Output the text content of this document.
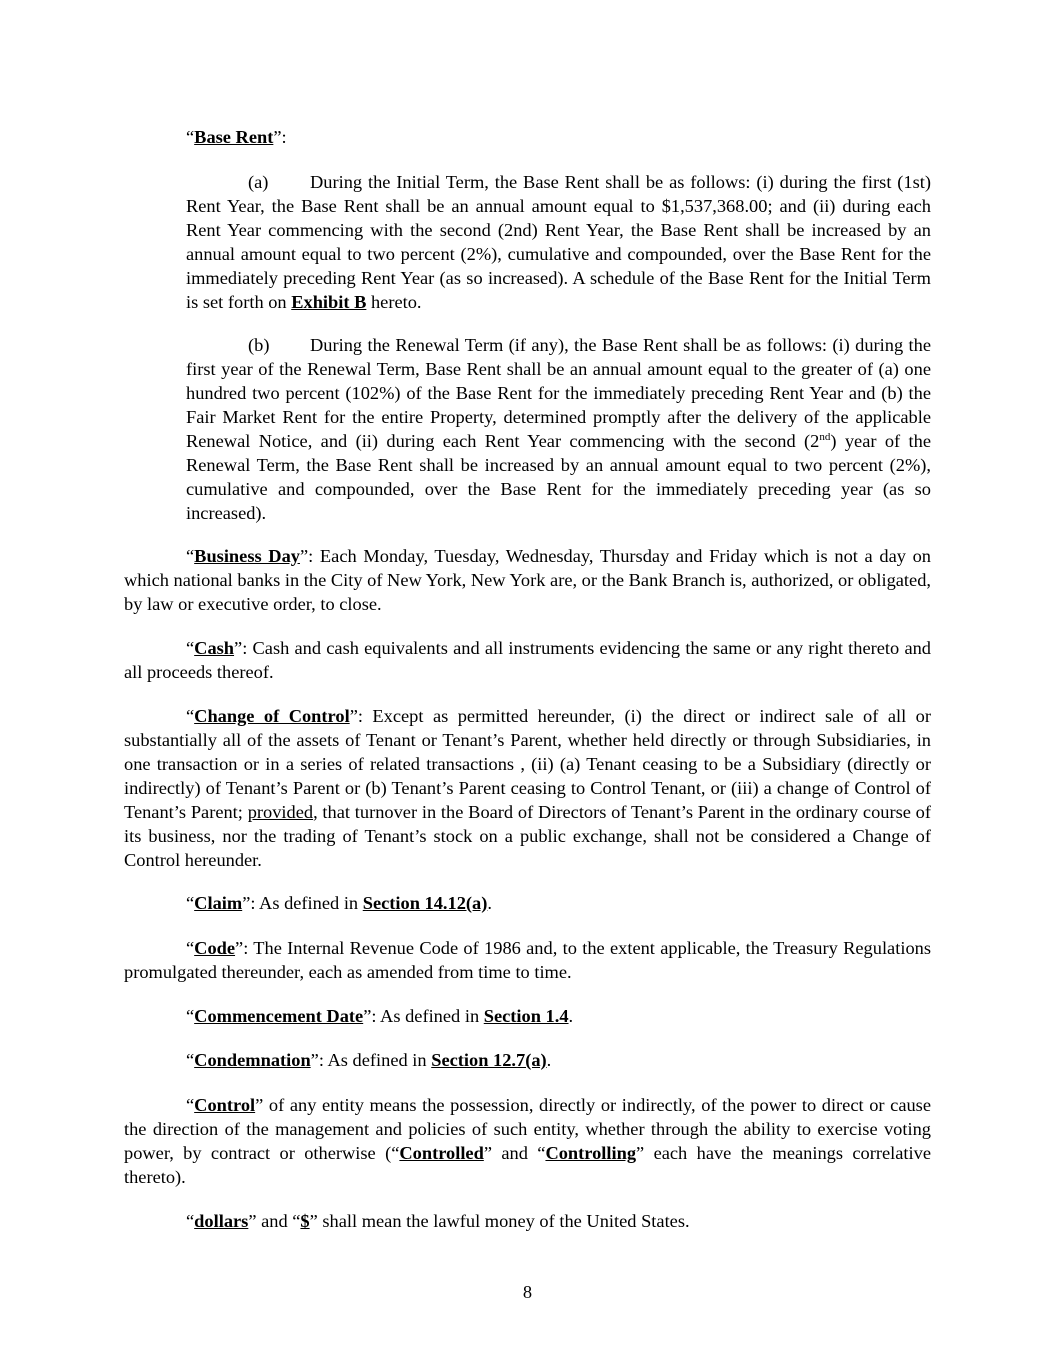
“Base Rent”:

(a) During the Initial Term, the Base Rent shall be as follows: (i) during the first (1st) Rent Year, the Base Rent shall be an annual amount equal to $1,537,368.00; and (ii) during each Rent Year commencing with the second (2nd) Rent Year, the Base Rent shall be increased by an annual amount equal to two percent (2%), cumulative and compounded, over the Base Rent for the immediately preceding Rent Year (as so increased). A schedule of the Base Rent for the Initial Term is set forth on Exhibit B hereto.

(b) During the Renewal Term (if any), the Base Rent shall be as follows: (i) during the first year of the Renewal Term, Base Rent shall be an annual amount equal to the greater of (a) one hundred two percent (102%) of the Base Rent for the immediately preceding Rent Year and (b) the Fair Market Rent for the entire Property, determined promptly after the delivery of the applicable Renewal Notice, and (ii) during each Rent Year commencing with the second (2nd) year of the Renewal Term, the Base Rent shall be increased by an annual amount equal to two percent (2%), cumulative and compounded, over the Base Rent for the immediately preceding year (as so increased).

“Business Day”: Each Monday, Tuesday, Wednesday, Thursday and Friday which is not a day on which national banks in the City of New York, New York are, or the Bank Branch is, authorized, or obligated, by law or executive order, to close.

“Cash”: Cash and cash equivalents and all instruments evidencing the same or any right thereto and all proceeds thereof.

“Change of Control”: Except as permitted hereunder, (i) the direct or indirect sale of all or substantially all of the assets of Tenant or Tenant’s Parent, whether held directly or through Subsidiaries, in one transaction or in a series of related transactions , (ii) (a) Tenant ceasing to be a Subsidiary (directly or indirectly) of Tenant’s Parent or (b) Tenant’s Parent ceasing to Control Tenant, or (iii) a change of Control of Tenant’s Parent; provided, that turnover in the Board of Directors of Tenant’s Parent in the ordinary course of its business, nor the trading of Tenant’s stock on a public exchange, shall not be considered a Change of Control hereunder.

“Claim”: As defined in Section 14.12(a).

“Code”: The Internal Revenue Code of 1986 and, to the extent applicable, the Treasury Regulations promulgated thereunder, each as amended from time to time.

“Commencement Date”: As defined in Section 1.4.

“Condemnation”: As defined in Section 12.7(a).

“Control” of any entity means the possession, directly or indirectly, of the power to direct or cause the direction of the management and policies of such entity, whether through the ability to exercise voting power, by contract or otherwise (“Controlled” and “Controlling” each have the meanings correlative thereto).

“dollars” and “$” shall mean the lawful money of the United States.

8
